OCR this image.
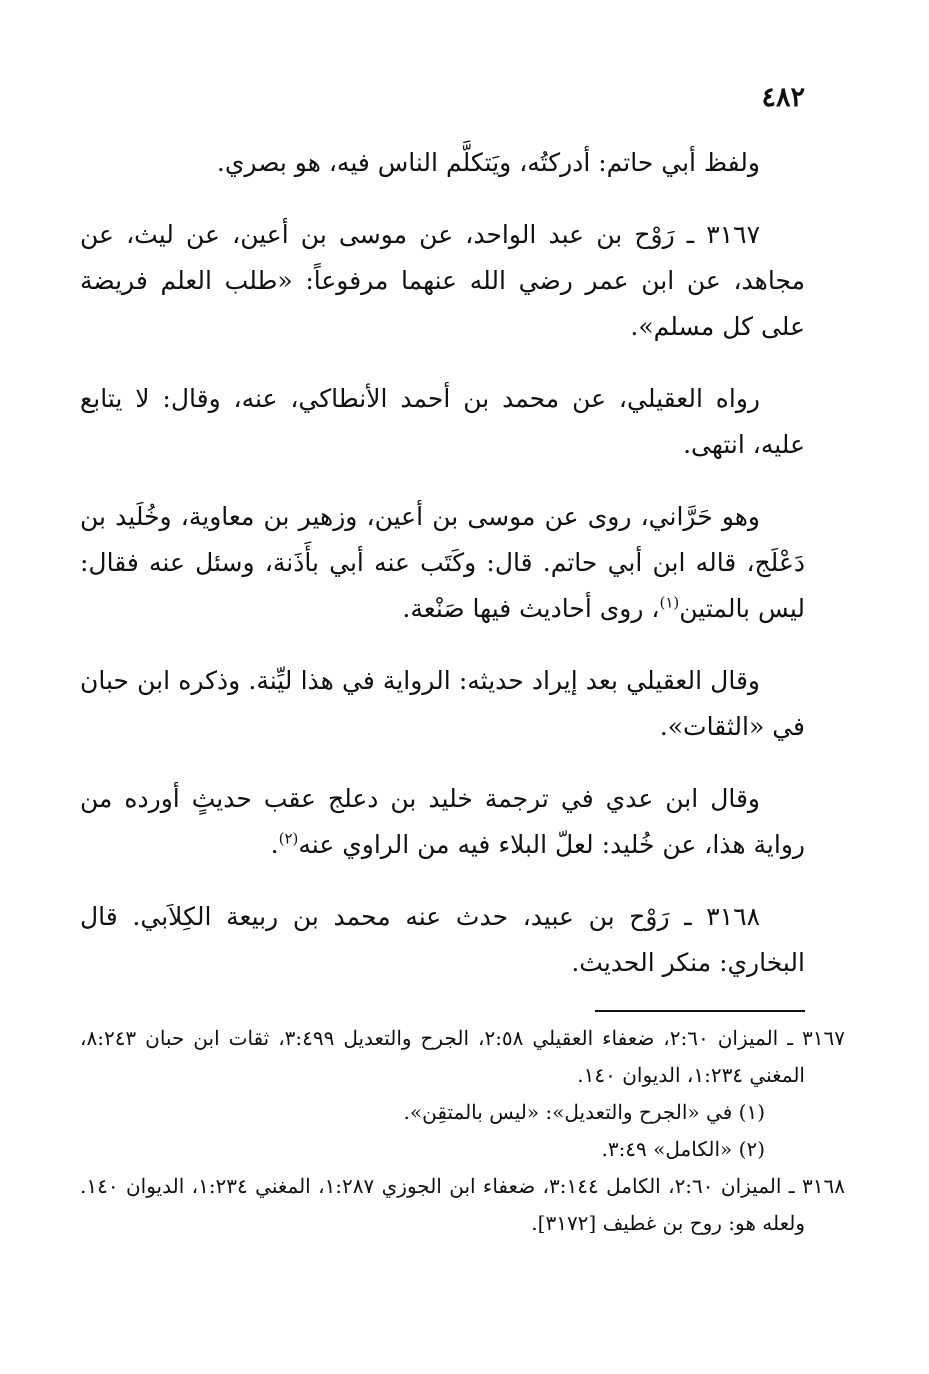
٤٨٢

ولفظ أبي حاتم: أدركتُه، ويَتكلَّم الناس فيه، هو بصري.

٣١٦٧ ـ رَوْح بن عبد الواحد، عن موسى بن أعين، عن ليث، عن مجاهد، عن ابن عمر رضي الله عنهما مرفوعاً: «طلب العلم فريضة على كل مسلم».

رواه العقيلي، عن محمد بن أحمد الأنطاكي، عنه، وقال: لا يتابع عليه، انتهى.

وهو حَرَّاني، روى عن موسى بن أعين، وزهير بن معاوية، وخُلَيد بن دَعْلَج، قاله ابن أبي حاتم. قال: وكَتَب عنه أبي بأَذَنة، وسئل عنه فقال: ليس بالمتين$^{(١)}$، روى أحاديث فيها صَنْعة.

وقال العقيلي بعد إيراد حديثه: الرواية في هذا ليِّنة. وذكره ابن حبان في «الثقات».

وقال ابن عدي في ترجمة خليد بن دعلج عقب حديثٍ أورده من رواية هذا، عن خُليد: لعلّ البلاء فيه من الراوي عنه$^{(٢)}$.

٣١٦٨ ـ رَوْح بن عبيد، حدث عنه محمد بن ربيعة الكِلاَبي. قال البخاري: منكر الحديث.

٣١٦٧ ـ الميزان ٢:٦٠، ضعفاء العقيلي ٢:٥٨، الجرح والتعديل ٣:٤٩٩، ثقات ابن حبان ٨:٢٤٣، المغني ١:٢٣٤، الديوان ١٤٠.

(١) في «الجرح والتعديل»: «ليس بالمتقِن».

(٢) «الكامل» ٣:٤٩.

٣١٦٨ ـ الميزان ٢:٦٠، الكامل ٣:١٤٤، ضعفاء ابن الجوزي ١:٢٨٧، المغني ١:٢٣٤، الديوان ١٤٠. ولعله هو: روح بن غطيف [٣١٧٢].
